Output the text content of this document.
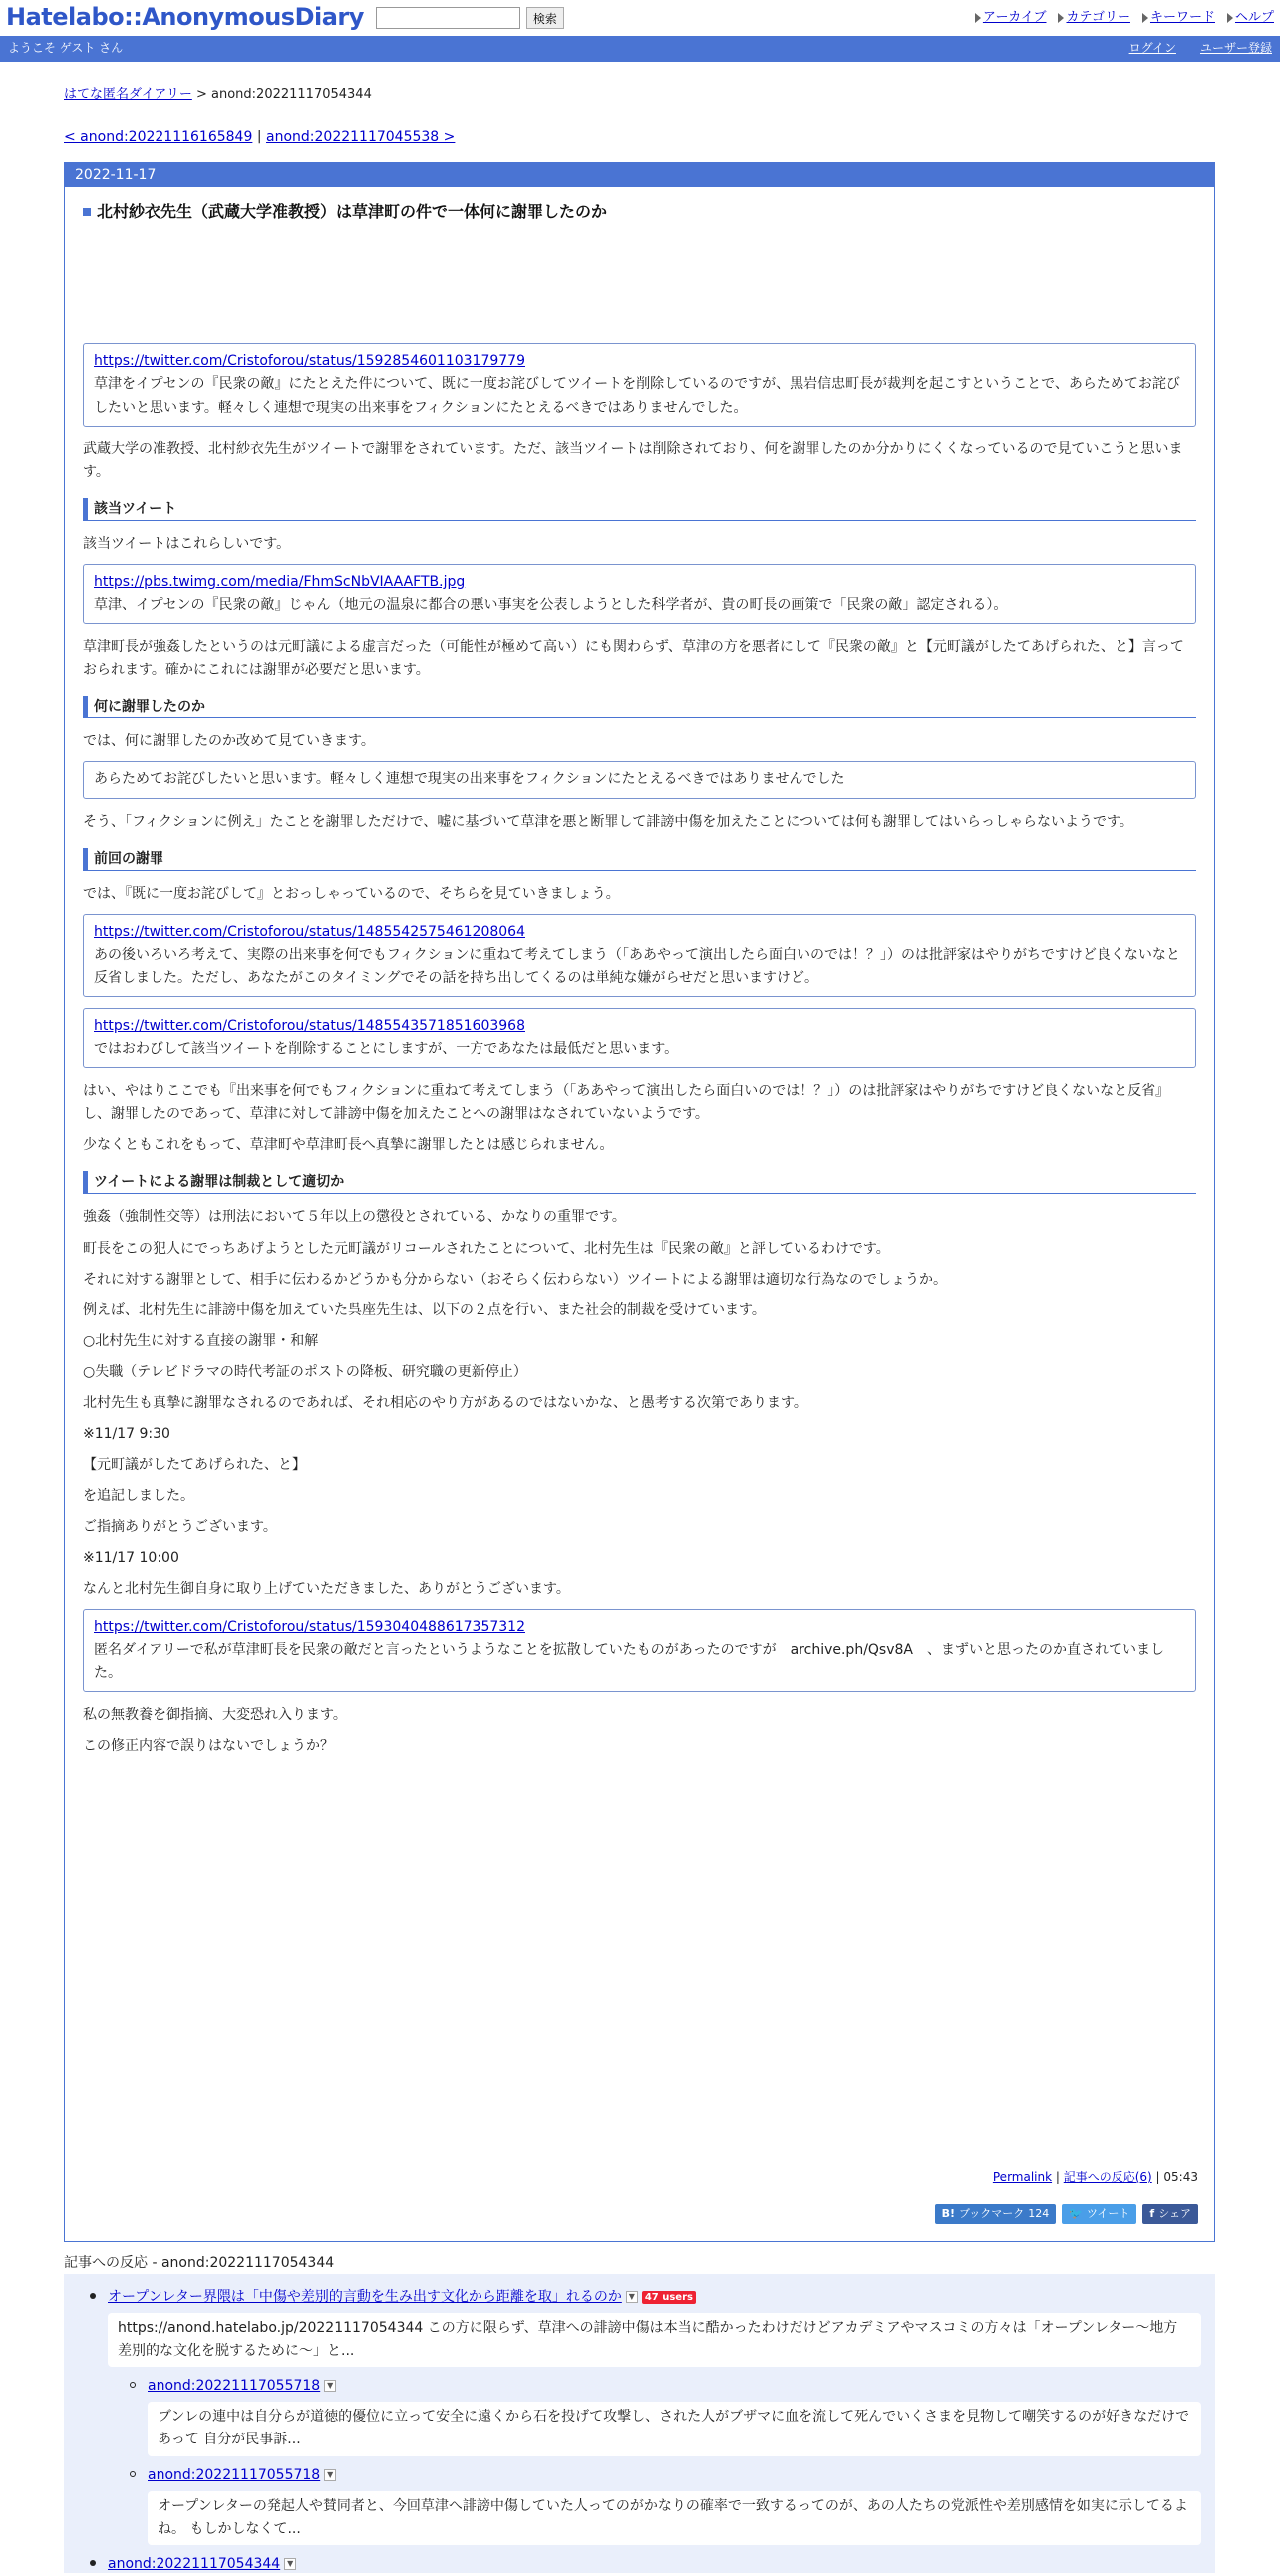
Hatelabo::AnonymousDiary	検索	アーカイブ カテゴリー キーワード ヘルプ
ようこそ ゲスト さん	ログイン ユーザー登録
はてな匿名ダイアリー > anond:20221117054344
< anond:20221116165849 | anond:20221117045538 >
2022-11-17
北村紗衣先生（武蔵大学准教授）は草津町の件で一体何に謝罪したのか
https://twitter.com/Cristoforou/status/1592854601103179779
草津をイプセンの『民衆の敵』にたとえた件について、既に一度お詫びしてツイートを削除しているのですが、黒岩信忠町長が裁判を起こすということで、あらためてお詫びしたいと思います。軽々しく連想で現実の出来事をフィクションにたとえるべきではありませんでした。
武蔵大学の准教授、北村紗衣先生がツイートで謝罪をされています。ただ、該当ツイートは削除されており、何を謝罪したのか分かりにくくなっているので見ていこうと思います。
該当ツイート
該当ツイートはこれらしいです。
https://pbs.twimg.com/media/FhmScNbVIAAAFTB.jpg
草津、イプセンの『民衆の敵』じゃん（地元の温泉に都合の悪い事実を公表しようとした科学者が、貴の町長の画策で「民衆の敵」認定される）。
草津町長が強姦したというのは元町議による虚言だった（可能性が極めて高い）にも関わらず、草津の方を悪者にして『民衆の敵』と【元町議がしたてあげられた、と】言っておられます。確かにこれには謝罪が必要だと思います。
何に謝罪したのか
では、何に謝罪したのか改めて見ていきます。
あらためてお詫びしたいと思います。軽々しく連想で現実の出来事をフィクションにたとえるべきではありませんでした
そう、「フィクションに例え」たことを謝罪しただけで、嘘に基づいて草津を悪と断罪して誹謗中傷を加えたことについては何も謝罪してはいらっしゃらないようです。
前回の謝罪
では、『既に一度お詫びして』とおっしゃっているので、そちらを見ていきましょう。
https://twitter.com/Cristoforou/status/1485542575461208064
あの後いろいろ考えて、実際の出来事を何でもフィクションに重ねて考えてしまう（「ああやって演出したら面白いのでは！？」）のは批評家はやりがちですけど良くないなと反省しました。ただし、あなたがこのタイミングでその話を持ち出してくるのは単純な嫌がらせだと思いますけど。
https://twitter.com/Cristoforou/status/1485543571851603968
ではおわびして該当ツイートを削除することにしますが、一方であなたは最低だと思います。
はい、やはりここでも『出来事を何でもフィクションに重ねて考えてしまう（「ああやって演出したら面白いのでは！？」）のは批評家はやりがちですけど良くないなと反省』し、謝罪したのであって、草津に対して誹謗中傷を加えたことへの謝罪はなされていないようです。
少なくともこれをもって、草津町や草津町長へ真摯に謝罪したとは感じられません。
ツイートによる謝罪は制裁として適切か
強姦（強制性交等）は刑法において５年以上の懲役とされている、かなりの重罪です。
町長をこの犯人にでっちあげようとした元町議がリコールされたことについて、北村先生は『民衆の敵』と評しているわけです。
それに対する謝罪として、相手に伝わるかどうかも分からない（おそらく伝わらない）ツイートによる謝罪は適切な行為なのでしょうか。
例えば、北村先生に誹謗中傷を加えていた呉座先生は、以下の２点を行い、また社会的制裁を受けています。
○北村先生に対する直接の謝罪・和解
○失職（テレビドラマの時代考証のポストの降板、研究職の更新停止）
北村先生も真摯に謝罪なされるのであれば、それ相応のやり方があるのではないかな、と愚考する次第であります。
※11/17 9:30
【元町議がしたてあげられた、と】
を追記しました。
ご指摘ありがとうございます。
※11/17 10:00
なんと北村先生御自身に取り上げていただきました、ありがとうございます。
https://twitter.com/Cristoforou/status/1593040488617357312
匿名ダイアリーで私が草津町長を民衆の敵だと言ったというようなことを拡散していたものがあったのですが　archive.ph/Qsv8A　、まずいと思ったのか直されていました。
私の無教養を御指摘、大変恐れ入ります。
この修正内容で誤りはないでしょうか？
Permalink | 記事への反応(6) | 05:43
B! ブックマーク 124 🐦 ツイート f シェア
記事への反応 - anond:20221117054344
オープンレター界隈は「中傷や差別的言動を生み出す文化から距離を取」れるのか ▼ 47 users
https://anond.hatelabo.jp/20221117054344 この方に限らず、草津への誹謗中傷は本当に酷かったわけだけどアカデミアやマスコミの方々は「オープンレター～地方差別的な文化を脱するために～」と...
anond:20221117055718 ▼
ブンレの連中は自分らが道徳的優位に立って安全に遠くから石を投げて攻撃し、された人がブザマに血を流して死んでいくさまを見物して嘲笑するのが好きなだけであって 自分が民事訴...
anond:20221117055718 ▼
オープンレターの発起人や賛同者と、今回草津へ誹謗中傷していた人ってのがかなりの確率で一致するってのが、あの人たちの党派性や差別感情を如実に示してるよね。 もしかしなくて...
anond:20221117054344 ▼
